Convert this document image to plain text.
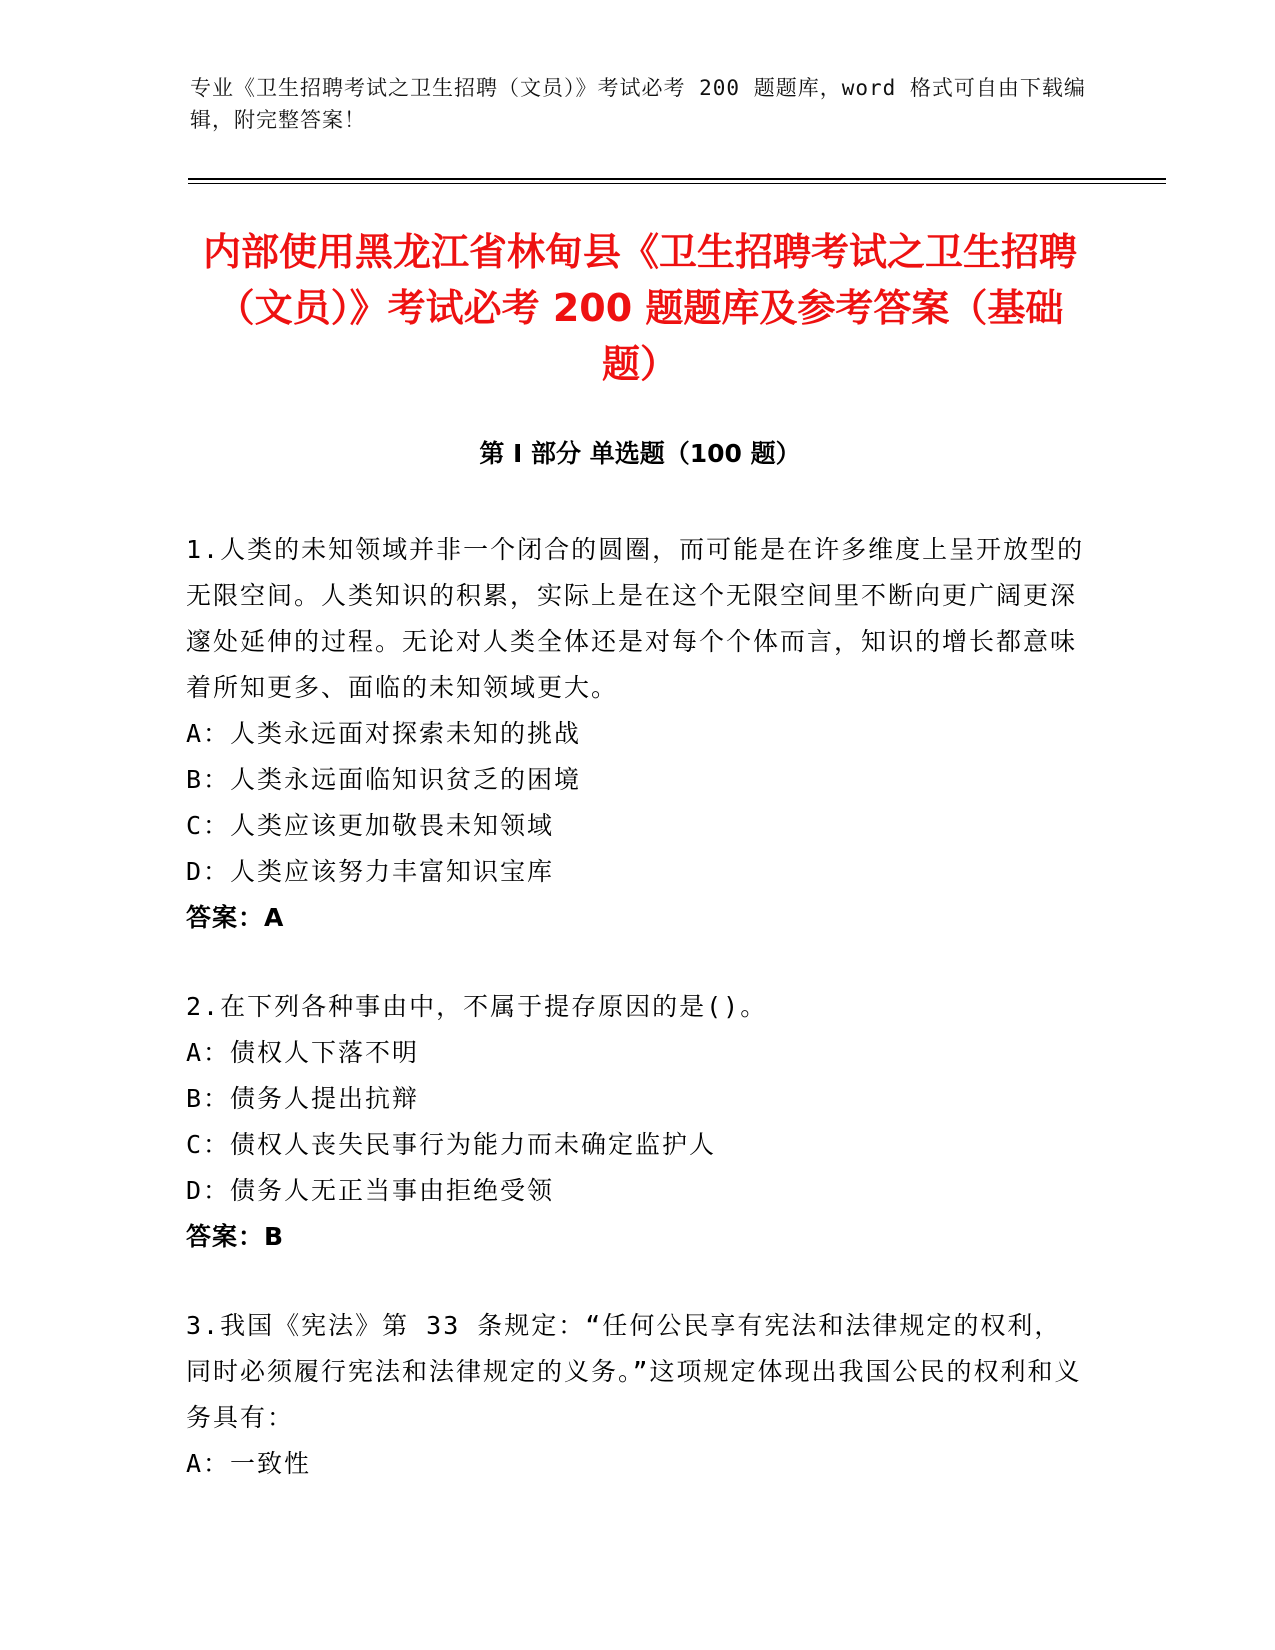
专业《卫生招聘考试之卫生招聘（文员）》考试必考 200 题题库，word 格式可自由下载编辑，附完整答案！
内部使用黑龙江省林甸县《卫生招聘考试之卫生招聘（文员）》考试必考 200 题题库及参考答案（基础题）
第 I 部分 单选题（100 题）
1.人类的未知领域并非一个闭合的圆圈，而可能是在许多维度上呈开放型的无限空间。人类知识的积累，实际上是在这个无限空间里不断向更广阔更深邃处延伸的过程。无论对人类全体还是对每个个体而言，知识的增长都意味着所知更多、面临的未知领域更大。
A：人类永远面对探索未知的挑战
B：人类永远面临知识贫乏的困境
C：人类应该更加敬畏未知领域
D：人类应该努力丰富知识宝库
答案：A
2.在下列各种事由中，不属于提存原因的是()。
A：债权人下落不明
B：债务人提出抗辩
C：债权人丧失民事行为能力而未确定监护人
D：债务人无正当事由拒绝受领
答案：B
3.我国《宪法》第 33 条规定：“任何公民享有宪法和法律规定的权利，同时必须履行宪法和法律规定的义务。”这项规定体现出我国公民的权利和义务具有：
A：一致性
